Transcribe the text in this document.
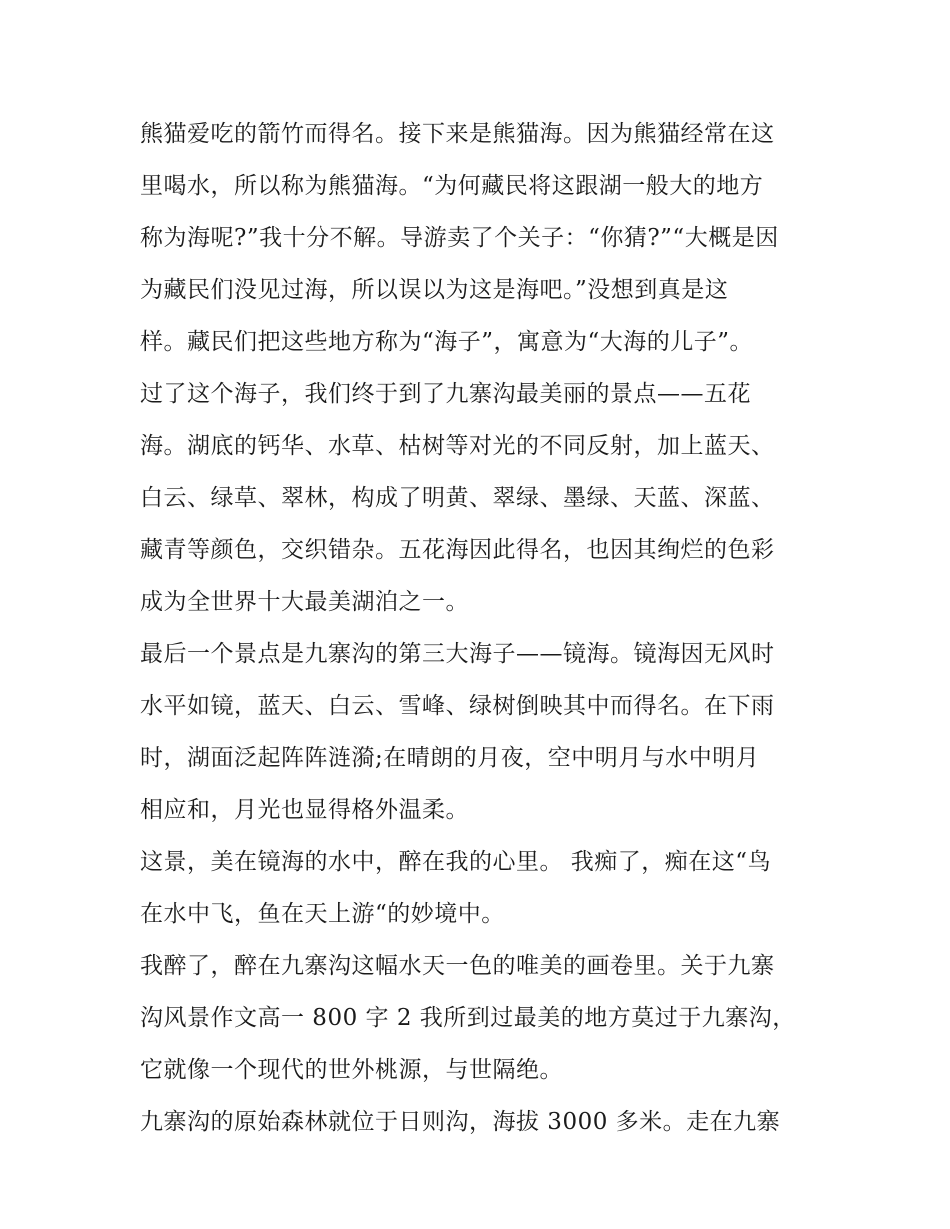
熊猫爱吃的箭竹而得名。接下来是熊猫海。因为熊猫经常在这
里喝水，所以称为熊猫海。“为何藏民将这跟湖一般大的地方
称为海呢?”我十分不解。导游卖了个关子：“你猜?”“大概是因
为藏民们没见过海，所以误以为这是海吧。”没想到真是这
样。藏民们把这些地方称为“海子”，寓意为“大海的儿子”。
过了这个海子，我们终于到了九寨沟最美丽的景点——五花
海。湖底的钙华、水草、枯树等对光的不同反射，加上蓝天、
白云、绿草、翠林，构成了明黄、翠绿、墨绿、天蓝、深蓝、
藏青等颜色，交织错杂。五花海因此得名，也因其绚烂的色彩
成为全世界十大最美湖泊之一。
最后一个景点是九寨沟的第三大海子——镜海。镜海因无风时
水平如镜，蓝天、白云、雪峰、绿树倒映其中而得名。在下雨
时，湖面泛起阵阵涟漪;在晴朗的月夜，空中明月与水中明月
相应和，月光也显得格外温柔。
这景，美在镜海的水中，醉在我的心里。 我痴了，痴在这“鸟
在水中飞，鱼在天上游“的妙境中。
我醉了，醉在九寨沟这幅水天一色的唯美的画卷里。关于九寨
沟风景作文高一 800 字 2 我所到过最美的地方莫过于九寨沟，
它就像一个现代的世外桃源，与世隔绝。
九寨沟的原始森林就位于日则沟，海拔 3000 多米。走在九寨
